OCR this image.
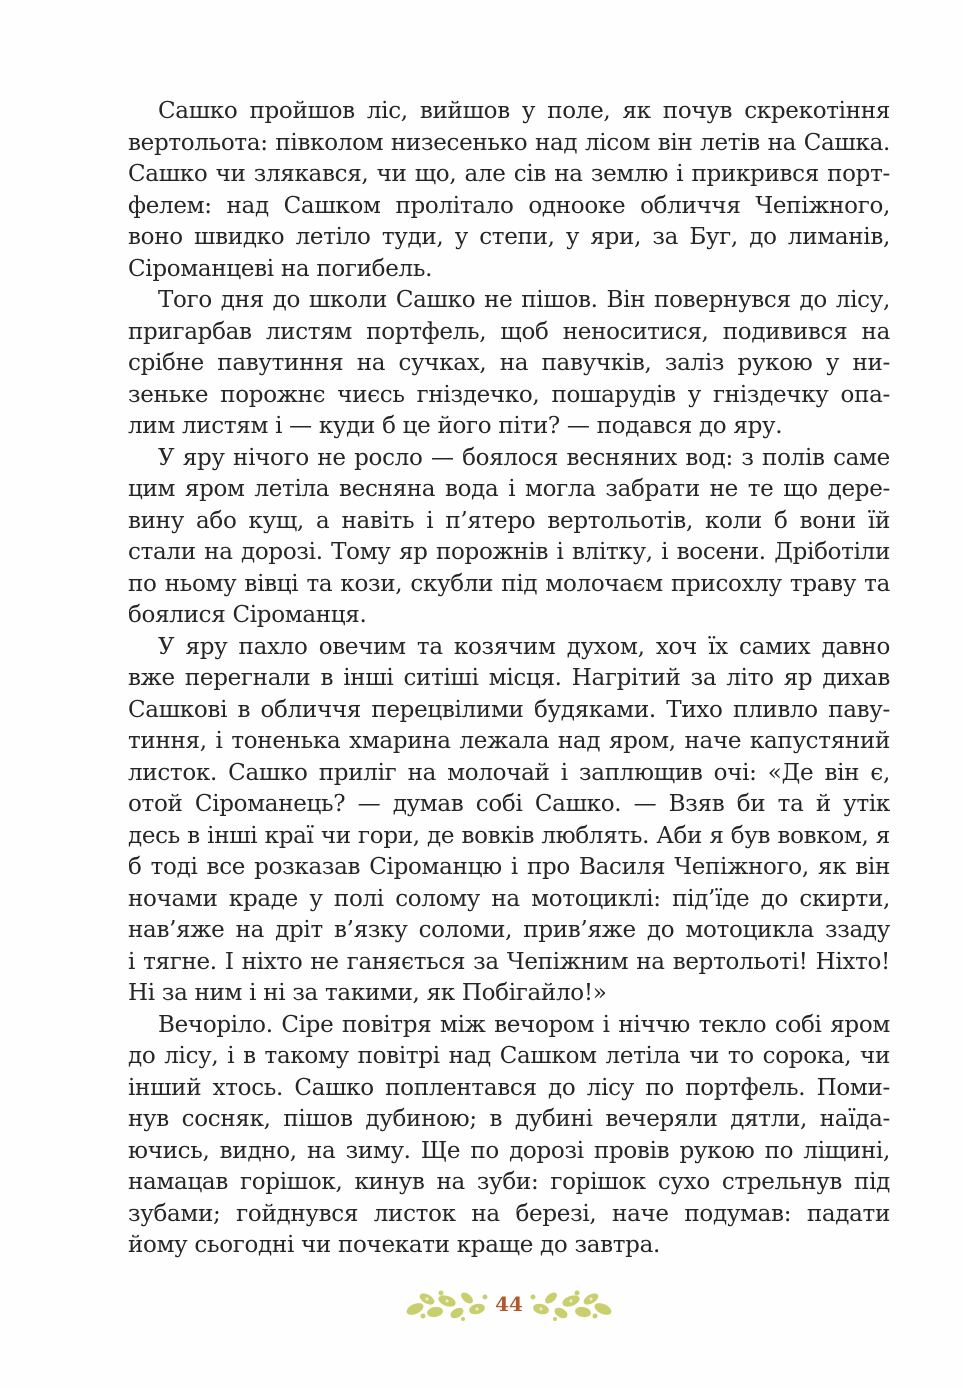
Сашко пройшов ліс, вийшов у поле, як почув скрекотіння
вертольота: півколом низесенько над лісом він летів на Сашка.
Сашко чи злякався, чи що, але сів на землю і прикрився порт-
фелем: над Сашком пролітало одноокe обличчя Чепіжного,
воно швидко летіло туди, у степи, у яри, за Буг, до лиманів,
Сіроманцеві на погибель.
Того дня до школи Сашко не пішов. Він повернувся до лісу,
пригарбав листям портфель, щоб неноситися, подивився на
срібне павутиння на сучках, на павучків, заліз рукою у ни-
зеньке порожнє чиєсь гніздечко, пошарудів у гніздечку опа-
лим листям і — куди б це його піти? — подався до яру.
У яру нічого не росло — боялося весняних вод: з полів саме
цим яром летіла весняна вода і могла забрати не те що дере-
вину або кущ, а навіть і п’ятеро вертольотів, коли б вони їй
стали на дорозі. Тому яр порожнів і влітку, і восени. Дріботіли
по ньому вівці та кози, скубли під молочаєм присохлу траву та
боялися Сіроманця.
У яру пахло овечим та козячим духом, хоч їх самих давно
вже перегнали в інші ситіші місця. Нагрітий за літо яр дихав
Сашкові в обличчя перецвілими будяками. Тихо пливло паву-
тиння, і тоненька хмарина лежала над яром, наче капустяний
листок. Сашко приліг на молочай і заплющив очі: «Де він є,
отой Сіроманець? — думав собі Сашко. — Взяв би та й утік
десь в інші краї чи гори, де вовків люблять. Аби я був вовком, я
б тоді все розказав Сіроманцю і про Василя Чепіжного, як він
ночами краде у полі солому на мотоциклі: під’їде до скирти,
нав’яже на дріт в’язку соломи, прив’яже до мотоцикла ззаду
і тягне. І ніхто не ганяється за Чепіжним на вертольоті! Ніхто!
Ні за ним і ні за такими, як Побігайло!»
Вечоріло. Сіре повітря між вечором і ніччю текло собі яром
до лісу, і в такому повітрі над Сашком летіла чи то сорока, чи
інший хтось. Сашко поплентався до лісу по портфель. Поми-
нув сосняк, пішов дубиною; в дубині вечеряли дятли, наїда-
ючись, видно, на зиму. Ще по дорозі провів рукою по ліщині,
намацав горішок, кинув на зуби: горішок сухо стрельнув під
зубами; гойднувся листок на березі, наче подумав: падати
йому сьогодні чи почекати краще до завтра.
44
